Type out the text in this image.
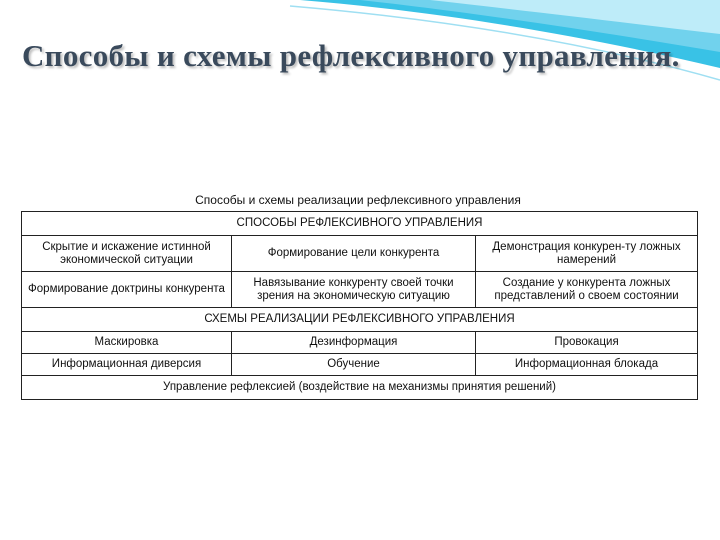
Способы и схемы рефлексивного управления.
Способы и схемы реализации рефлексивного управления
СПОСОБЫ РЕФЛЕКСИВНОГО УПРАВЛЕНИЯ		
Скрытие и искажение истинной экономической ситуации	Формирование цели конкурента	Демонстрация конкурен-ту ложных намерений
Формирование доктрины конкурента	Навязывание конкуренту своей точки зрения на экономическую ситуацию	Создание у конкурента ложных представлений о своем состоянии
СХЕМЫ РЕАЛИЗАЦИИ РЕФЛЕКСИВНОГО УПРАВЛЕНИЯ		
Маскировка	Дезинформация	Провокация
Информационная диверсия	Обучение	Информационная блокада
Управление рефлексией (воздействие на механизмы принятия решений)		
